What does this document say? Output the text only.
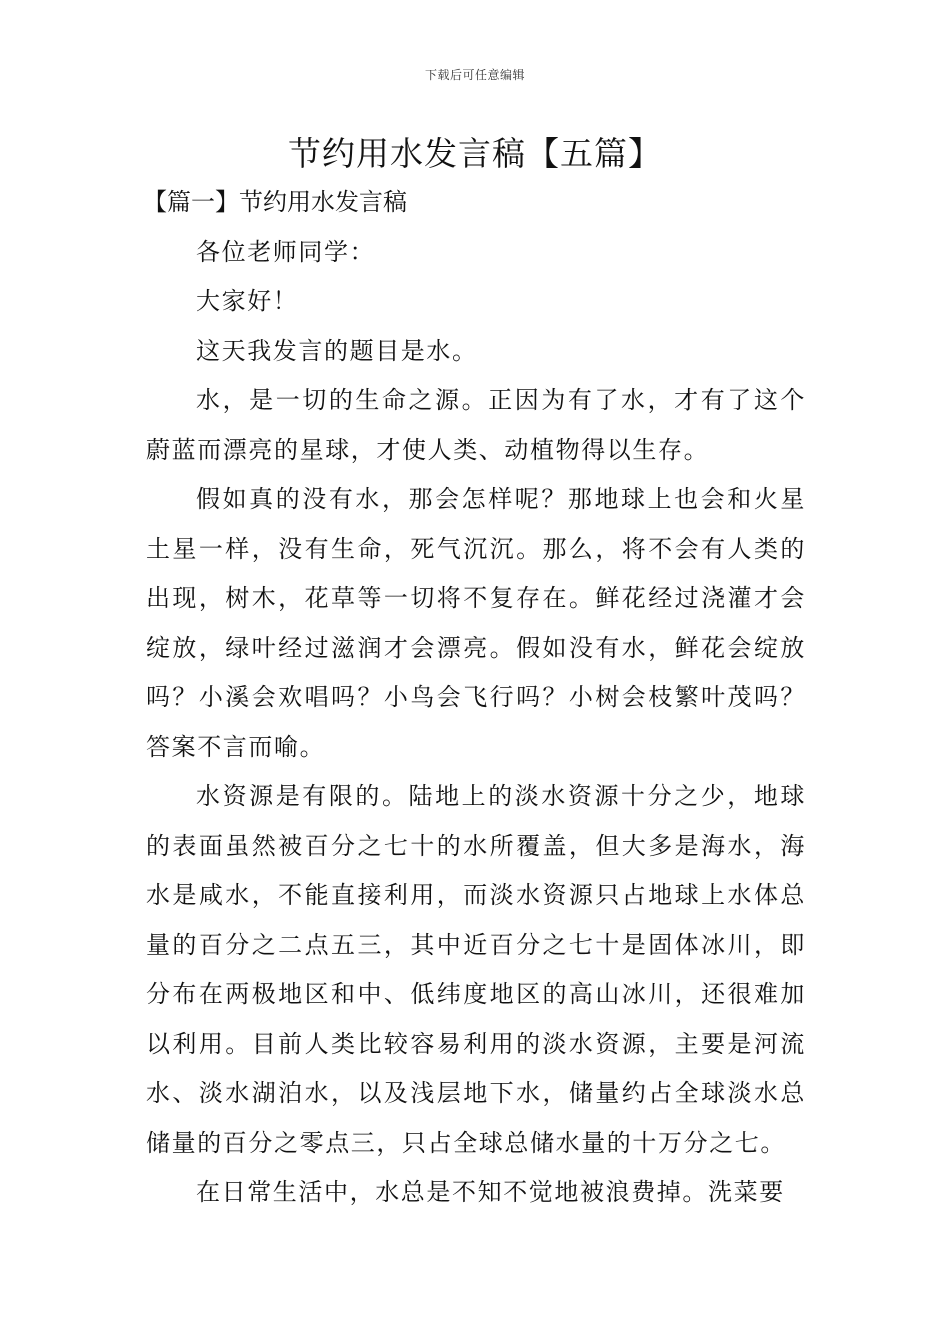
下载后可任意编辑
节约用水发言稿【五篇】
【篇一】节约用水发言稿

各位老师同学：

大家好！

这天我发言的题目是水。

水，是一切的生命之源。正因为有了水，才有了这个蔚蓝而漂亮的星球，才使人类、动植物得以生存。

假如真的没有水，那会怎样呢？那地球上也会和火星土星一样，没有生命，死气沉沉。那么，将不会有人类的出现，树木，花草等一切将不复存在。鲜花经过浇灌才会绽放，绿叶经过滋润才会漂亮。假如没有水，鲜花会绽放吗？小溪会欢唱吗？小鸟会飞行吗？小树会枝繁叶茂吗？答案不言而喻。

水资源是有限的。陆地上的淡水资源十分之少，地球的表面虽然被百分之七十的水所覆盖，但大多是海水，海水是咸水，不能直接利用，而淡水资源只占地球上水体总量的百分之二点五三，其中近百分之七十是固体冰川，即分布在两极地区和中、低纬度地区的高山冰川，还很难加以利用。目前人类比较容易利用的淡水资源，主要是河流水、淡水湖泊水，以及浅层地下水，储量约占全球淡水总储量的百分之零点三，只占全球总储水量的十万分之七。

在日常生活中，水总是不知不觉地被浪费掉。洗菜要
